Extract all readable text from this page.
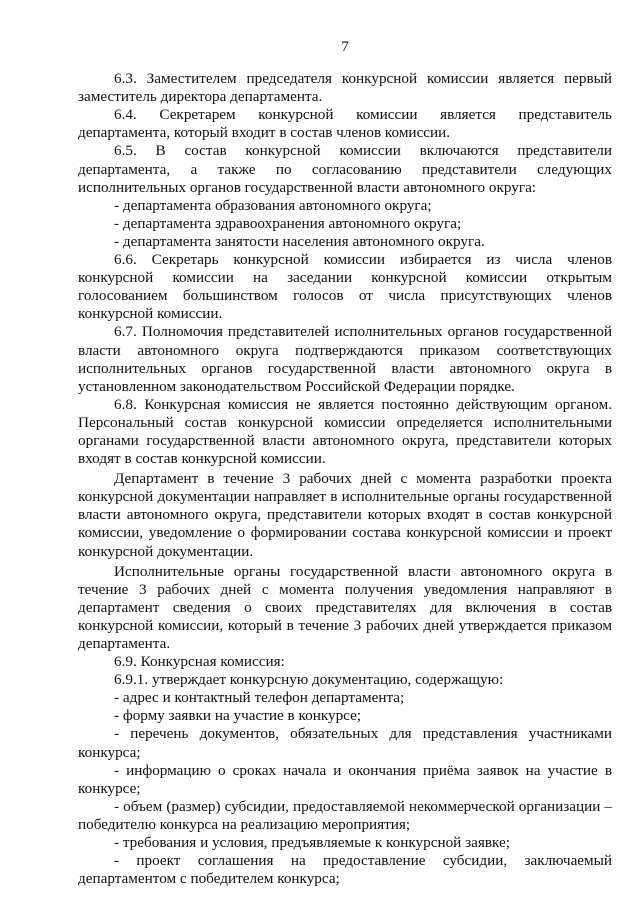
7

6.3. Заместителем председателя конкурсной комиссии является первый заместитель директора департамента.

6.4. Секретарем конкурсной комиссии является представитель департамента, который входит в состав членов комиссии.

6.5. В состав конкурсной комиссии включаются представители департамента, а также по согласованию представители следующих исполнительных органов государственной власти автономного округа:

- департамента образования автономного округа;

- департамента здравоохранения автономного округа;

- департамента занятости населения автономного округа.

6.6. Секретарь конкурсной комиссии избирается из числа членов конкурсной комиссии на заседании конкурсной комиссии открытым голосованием большинством голосов от числа присутствующих членов конкурсной комиссии.

6.7. Полномочия представителей исполнительных органов государственной власти автономного округа подтверждаются приказом соответствующих исполнительных органов государственной власти автономного округа в установленном законодательством Российской Федерации порядке.

6.8. Конкурсная комиссия не является постоянно действующим органом. Персональный состав конкурсной комиссии определяется исполнительными органами государственной власти автономного округа, представители которых входят в состав конкурсной комиссии.

Департамент в течение 3 рабочих дней с момента разработки проекта конкурсной документации направляет в исполнительные органы государственной власти автономного округа, представители которых входят в состав конкурсной комиссии, уведомление о формировании состава конкурсной комиссии и проект конкурсной документации.

Исполнительные органы государственной власти автономного округа в течение 3 рабочих дней с момента получения уведомления направляют в департамент сведения о своих представителях для включения в состав конкурсной комиссии, который в течение 3 рабочих дней утверждается приказом департамента.

6.9. Конкурсная комиссия:

6.9.1. утверждает конкурсную документацию, содержащую:

- адрес и контактный телефон департамента;

- форму заявки на участие в конкурсе;

- перечень документов, обязательных для представления участниками конкурса;

- информацию о сроках начала и окончания приёма заявок на участие в конкурсе;

- объем (размер) субсидии, предоставляемой некоммерческой организации – победителю конкурса на реализацию мероприятия;

- требования и условия, предъявляемые к конкурсной заявке;

- проект соглашения на предоставление субсидии, заключаемый департаментом с победителем конкурса;
